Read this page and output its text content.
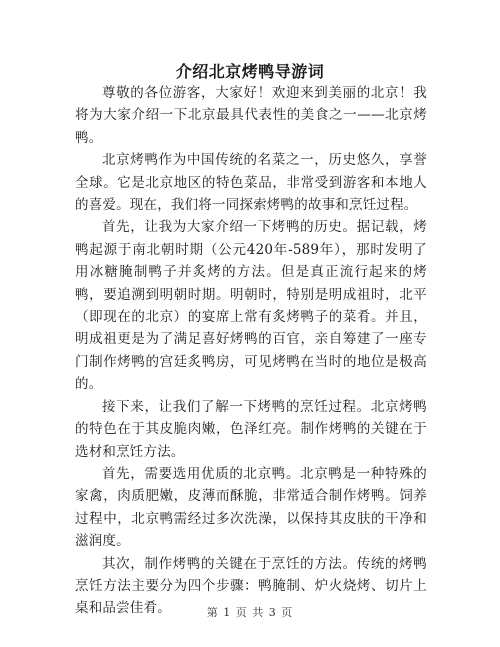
介绍北京烤鸭导游词

尊敬的各位游客，大家好！欢迎来到美丽的北京！我将为大家介绍一下北京最具代表性的美食之一——北京烤鸭。

北京烤鸭作为中国传统的名菜之一，历史悠久，享誉全球。它是北京地区的特色菜品，非常受到游客和本地人的喜爱。现在，我们将一同探索烤鸭的故事和烹饪过程。

首先，让我为大家介绍一下烤鸭的历史。据记载，烤鸭起源于南北朝时期（公元420年-589年），那时发明了用冰糖腌制鸭子并炙烤的方法。但是真正流行起来的烤鸭，要追溯到明朝时期。明朝时，特别是明成祖时，北平（即现在的北京）的宴席上常有炙烤鸭子的菜肴。并且，明成祖更是为了满足喜好烤鸭的百官，亲自筹建了一座专门制作烤鸭的宫廷炙鸭房，可见烤鸭在当时的地位是极高的。

接下来，让我们了解一下烤鸭的烹饪过程。北京烤鸭的特色在于其皮脆肉嫩，色泽红亮。制作烤鸭的关键在于选材和烹饪方法。

首先，需要选用优质的北京鸭。北京鸭是一种特殊的家禽，肉质肥嫩，皮薄而酥脆，非常适合制作烤鸭。饲养过程中，北京鸭需经过多次洗澡，以保持其皮肤的干净和滋润度。

其次，制作烤鸭的关键在于烹饪的方法。传统的烤鸭烹饪方法主要分为四个步骤：鸭腌制、炉火烧烤、切片上桌和品尝佳肴。	第 1 页 共 3 页
